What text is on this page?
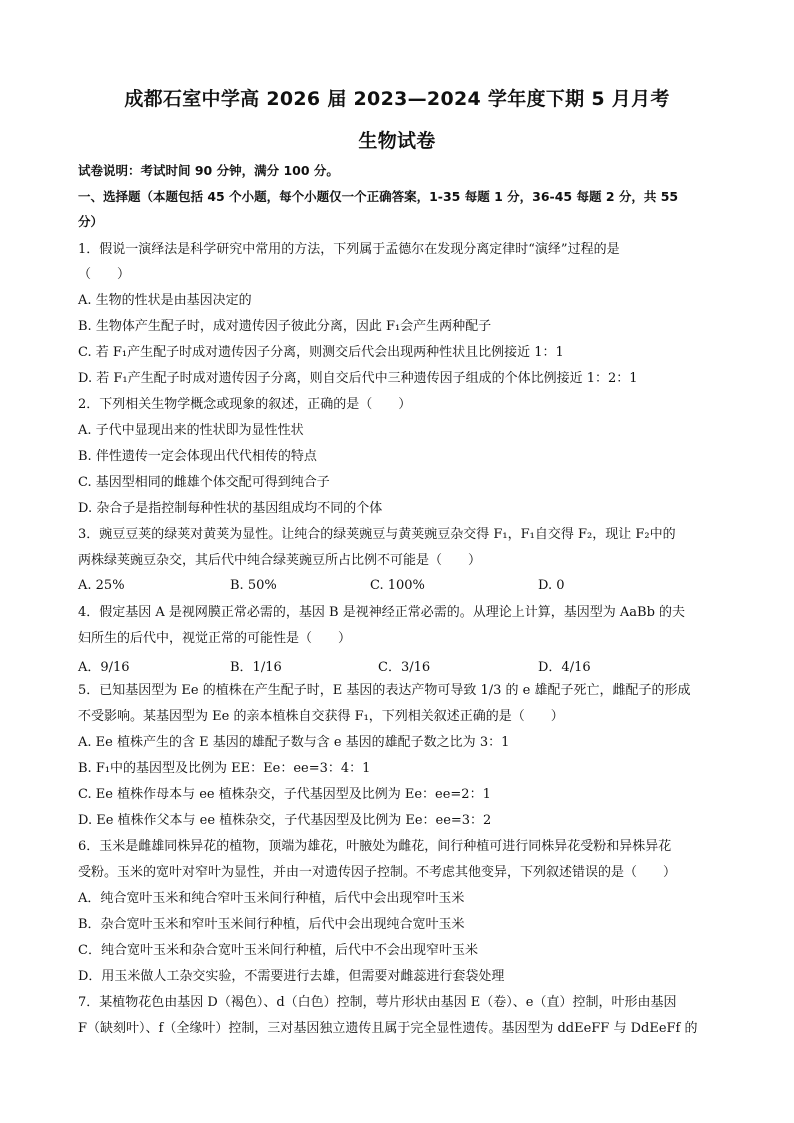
成都石室中学高 2026 届 2023—2024 学年度下期 5 月月考
生物试卷
试卷说明：考试时间 90 分钟，满分 100 分。
一、选择题（本题包括 45 个小题，每个小题仅一个正确答案，1-35 每题 1 分，36-45 每题 2 分，共 55
分）
1．假说一演绎法是科学研究中常用的方法，下列属于孟德尔在发现分离定律时“演绎”过程的是
（　　）
A. 生物的性状是由基因决定的
B. 生物体产生配子时，成对遗传因子彼此分离，因此 F₁会产生两种配子
C. 若 F₁产生配子时成对遗传因子分离，则测交后代会出现两种性状且比例接近 1：1
D. 若 F₁产生配子时成对遗传因子分离，则自交后代中三种遗传因子组成的个体比例接近 1：2：1
2．下列相关生物学概念或现象的叙述，正确的是（　　）
A. 子代中显现出来的性状即为显性性状
B. 伴性遗传一定会体现出代代相传的特点
C. 基因型相同的雌雄个体交配可得到纯合子
D. 杂合子是指控制每种性状的基因组成均不同的个体
3．豌豆豆荚的绿荚对黄荚为显性。让纯合的绿荚豌豆与黄荚豌豆杂交得 F₁，F₁自交得 F₂，现让 F₂中的
两株绿荚豌豆杂交，其后代中纯合绿荚豌豆所占比例不可能是（　　）
A. 25%	B. 50%	C. 100%	D. 0
4．假定基因 A 是视网膜正常必需的，基因 B 是视神经正常必需的。从理论上计算，基因型为 AaBb 的夫
妇所生的后代中，视觉正常的可能性是（　　）
A．9/16	B．1/16	C．3/16	D．4/16
5．已知基因型为 Ee 的植株在产生配子时，E 基因的表达产物可导致 1/3 的 e 雄配子死亡，雌配子的形成
不受影响。某基因型为 Ee 的亲本植株自交获得 F₁，下列相关叙述正确的是（　　）
A. Ee 植株产生的含 E 基因的雄配子数与含 e 基因的雄配子数之比为 3：1
B. F₁中的基因型及比例为 EE：Ee：ee=3：4：1
C. Ee 植株作母本与 ee 植株杂交，子代基因型及比例为 Ee：ee=2：1
D. Ee 植株作父本与 ee 植株杂交，子代基因型及比例为 Ee：ee=3：2
6．玉米是雌雄同株异花的植物，顶端为雄花，叶腋处为雌花，间行种植可进行同株异花受粉和异株异花
受粉。玉米的宽叶对窄叶为显性，并由一对遗传因子控制。不考虑其他变异，下列叙述错误的是（　　）
A．纯合宽叶玉米和纯合窄叶玉米间行种植，后代中会出现窄叶玉米
B．杂合宽叶玉米和窄叶玉米间行种植，后代中会出现纯合宽叶玉米
C．纯合宽叶玉米和杂合宽叶玉米间行种植，后代中不会出现窄叶玉米
D．用玉米做人工杂交实验，不需要进行去雄，但需要对雌蕊进行套袋处理
7．某植物花色由基因 D（褐色）、d（白色）控制，萼片形状由基因 E（卷）、e（直）控制，叶形由基因
F（缺刻叶）、f（全缘叶）控制，三对基因独立遗传且属于完全显性遗传。基因型为 ddEeFF 与 DdEeFf 的
